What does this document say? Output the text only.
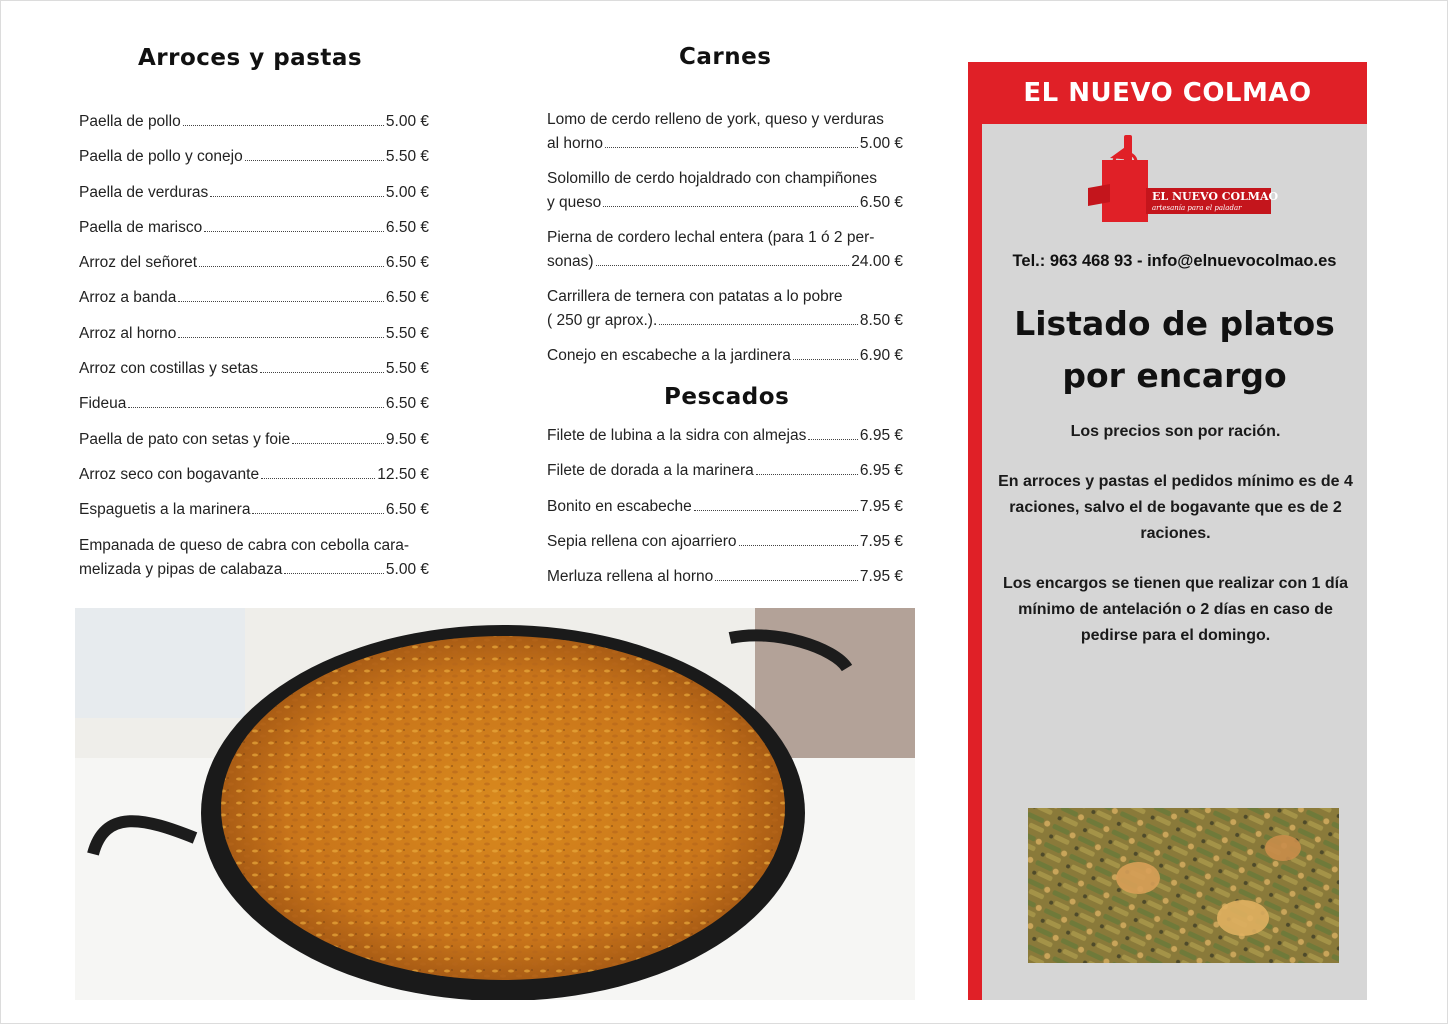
Arroces y pastas
Paella de pollo	5.00 €
Paella de pollo y conejo	5.50 €
Paella de verduras	5.00 €
Paella de marisco	6.50 €
Arroz del señoret	6.50 €
Arroz a banda	6.50 €
Arroz al horno	5.50 €
Arroz con costillas y setas	5.50 €
Fideua	6.50 €
Paella de pato con setas y foie	9.50 €
Arroz seco con bogavante	12.50 €
Espaguetis a la marinera	6.50 €
Empanada de queso de cabra con cebolla cara-
melizada y pipas de calabaza	5.00 €
Carnes
Lomo de cerdo relleno de york, queso y verduras
al horno	5.00 €
Solomillo de cerdo hojaldrado con champiñones
y queso	6.50 €
Pierna de cordero lechal entera (para 1 ó 2 per-
sonas)	24.00 €
Carrillera de ternera con patatas a lo pobre
( 250 gr aprox.).	8.50 €
Conejo en escabeche a la jardinera	6.90 €
Pescados
Filete de lubina a la sidra con almejas	6.95 €
Filete de dorada a la marinera	6.95 €
Bonito en escabeche	7.95 €
Sepia rellena con ajoarriero	7.95 €
Merluza rellena al horno	7.95 €
EL NUEVO COLMAO
EL NUEVO COLMAO
artesanía para el paladar
Tel.: 963 468 93 - info@elnuevocolmao.es
Listado de platos
por encargo

Los precios son por ración.

En arroces y pastas el pedidos mínimo es de 4 raciones, salvo el de bogavante que es de 2 raciones.

Los encargos se tienen que realizar con 1 día mínimo de antelación o 2 días en caso de pedirse para el domingo.
